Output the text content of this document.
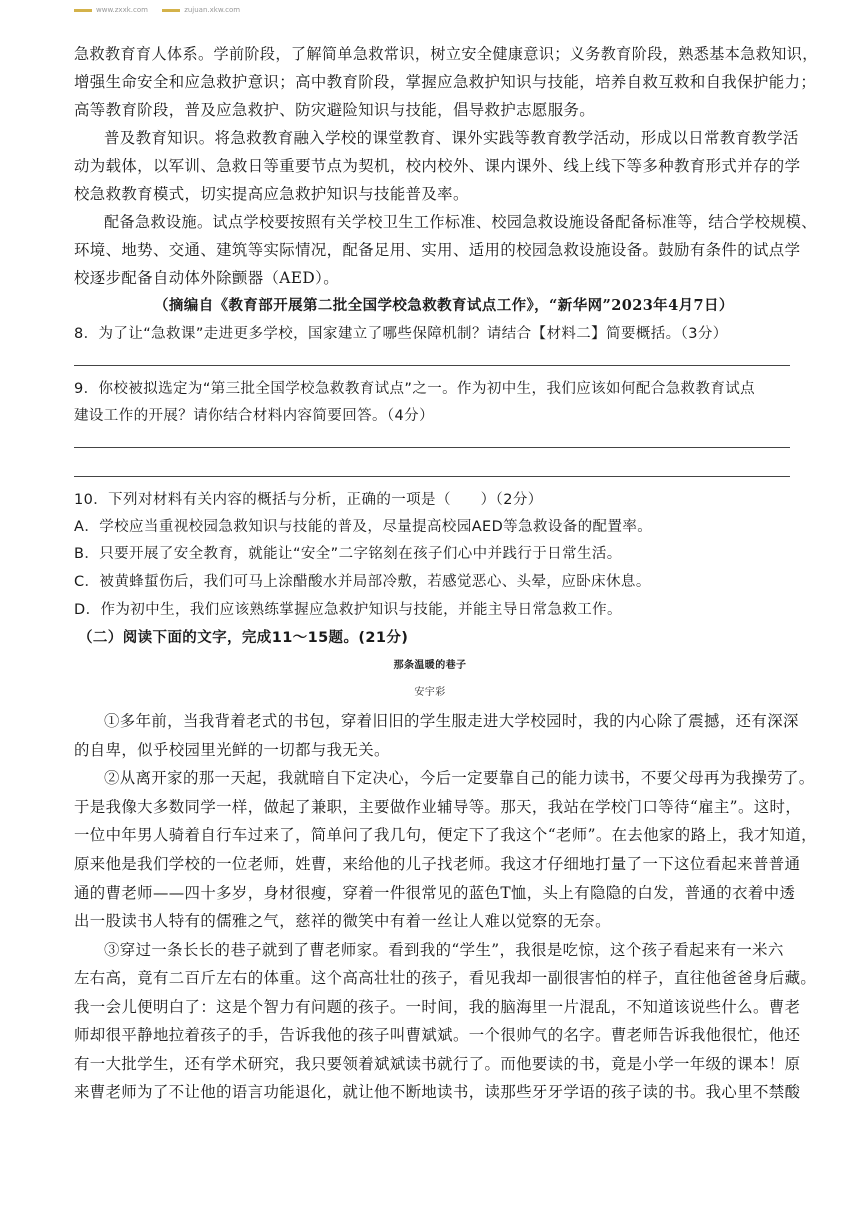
www.zxxk.com	zujuan.xkw.com
急救教育育人体系。学前阶段，了解简单急救常识，树立安全健康意识；义务教育阶段，熟悉基本急救知识，
增强生命安全和应急救护意识；高中教育阶段，掌握应急救护知识与技能，培养自救互救和自我保护能力；
高等教育阶段，普及应急救护、防灾避险知识与技能，倡导救护志愿服务。
普及教育知识。将急救教育融入学校的课堂教育、课外实践等教育教学活动，形成以日常教育教学活
动为载体，以军训、急救日等重要节点为契机，校内校外、课内课外、线上线下等多种教育形式并存的学
校急救教育模式，切实提高应急救护知识与技能普及率。
配备急救设施。试点学校要按照有关学校卫生工作标准、校园急救设施设备配备标准等，结合学校规模、
环境、地势、交通、建筑等实际情况，配备足用、实用、适用的校园急救设施设备。鼓励有条件的试点学
校逐步配备自动体外除颤器（AED）。
（摘编自《教育部开展第二批全国学校急救教育试点工作》，“新华网”2023年4月7日）
8．为了让“急救课”走进更多学校，国家建立了哪些保障机制？请结合【材料二】简要概括。（3分）
9．你校被拟选定为“第三批全国学校急救教育试点”之一。作为初中生，我们应该如何配合急救教育试点
建设工作的开展？请你结合材料内容简要回答。（4分）
10．下列对材料有关内容的概括与分析，正确的一项是（　　）（2分）
A．学校应当重视校园急救知识与技能的普及，尽量提高校园AED等急救设备的配置率。
B．只要开展了安全教育，就能让“安全”二字铭刻在孩子们心中并践行于日常生活。
C．被黄蜂蜇伤后，我们可马上涂醋酸水并局部冷敷，若感觉恶心、头晕，应卧床休息。
D．作为初中生，我们应该熟练掌握应急救护知识与技能，并能主导日常急救工作。
（二）阅读下面的文字，完成11～15题。(21分)
那条温暖的巷子
安宇彩
①多年前，当我背着老式的书包，穿着旧旧的学生服走进大学校园时，我的内心除了震撼，还有深深
的自卑，似乎校园里光鲜的一切都与我无关。
②从离开家的那一天起，我就暗自下定决心，今后一定要靠自己的能力读书，不要父母再为我操劳了。
于是我像大多数同学一样，做起了兼职，主要做作业辅导等。那天，我站在学校门口等待“雇主”。这时，
一位中年男人骑着自行车过来了，简单问了我几句，便定下了我这个“老师”。在去他家的路上，我才知道，
原来他是我们学校的一位老师，姓曹，来给他的儿子找老师。我这才仔细地打量了一下这位看起来普普通
通的曹老师——四十多岁，身材很瘦，穿着一件很常见的蓝色T恤，头上有隐隐的白发，普通的衣着中透
出一股读书人特有的儒雅之气，慈祥的微笑中有着一丝让人难以觉察的无奈。
③穿过一条长长的巷子就到了曹老师家。看到我的“学生”，我很是吃惊，这个孩子看起来有一米六
左右高，竟有二百斤左右的体重。这个高高壮壮的孩子，看见我却一副很害怕的样子，直往他爸爸身后藏。
我一会儿便明白了：这是个智力有问题的孩子。一时间，我的脑海里一片混乱，不知道该说些什么。曹老
师却很平静地拉着孩子的手，告诉我他的孩子叫曹斌斌。一个很帅气的名字。曹老师告诉我他很忙，他还
有一大批学生，还有学术研究，我只要领着斌斌读书就行了。而他要读的书，竟是小学一年级的课本！原
来曹老师为了不让他的语言功能退化，就让他不断地读书，读那些牙牙学语的孩子读的书。我心里不禁酸
